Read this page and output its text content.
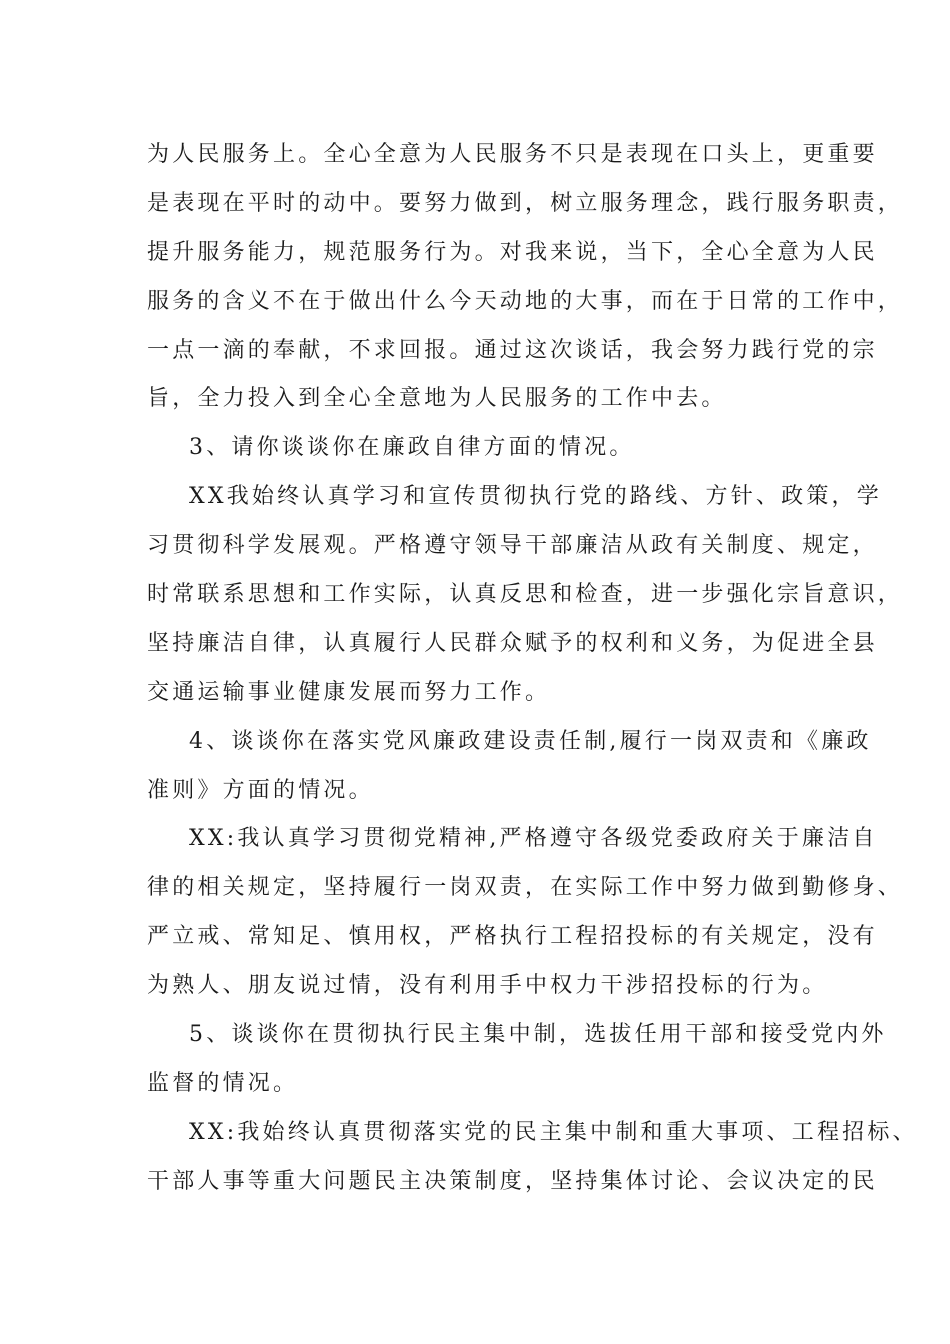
为人民服务上。全心全意为人民服务不只是表现在口头上，更重要
是表现在平时的动中。要努力做到，树立服务理念，践行服务职责，
提升服务能力，规范服务行为。对我来说，当下，全心全意为人民
服务的含义不在于做出什么今天动地的大事，而在于日常的工作中，
一点一滴的奉献，不求回报。通过这次谈话，我会努力践行党的宗
旨，全力投入到全心全意地为人民服务的工作中去。
3、请你谈谈你在廉政自律方面的情况。
XX我始终认真学习和宣传贯彻执行党的路线、方针、政策，学
习贯彻科学发展观。严格遵守领导干部廉洁从政有关制度、规定，
时常联系思想和工作实际，认真反思和检查，进一步强化宗旨意识，
坚持廉洁自律，认真履行人民群众赋予的权利和义务，为促进全县
交通运输事业健康发展而努力工作。
4、谈谈你在落实党风廉政建设责任制,履行一岗双责和《廉政
准则》方面的情况。
XX:我认真学习贯彻党精神,严格遵守各级党委政府关于廉洁自
律的相关规定，坚持履行一岗双责，在实际工作中努力做到勤修身、
严立戒、常知足、慎用权，严格执行工程招投标的有关规定，没有
为熟人、朋友说过情，没有利用手中权力干涉招投标的行为。
5、谈谈你在贯彻执行民主集中制，选拔任用干部和接受党内外
监督的情况。
XX:我始终认真贯彻落实党的民主集中制和重大事项、工程招标、
干部人事等重大问题民主决策制度，坚持集体讨论、会议决定的民
